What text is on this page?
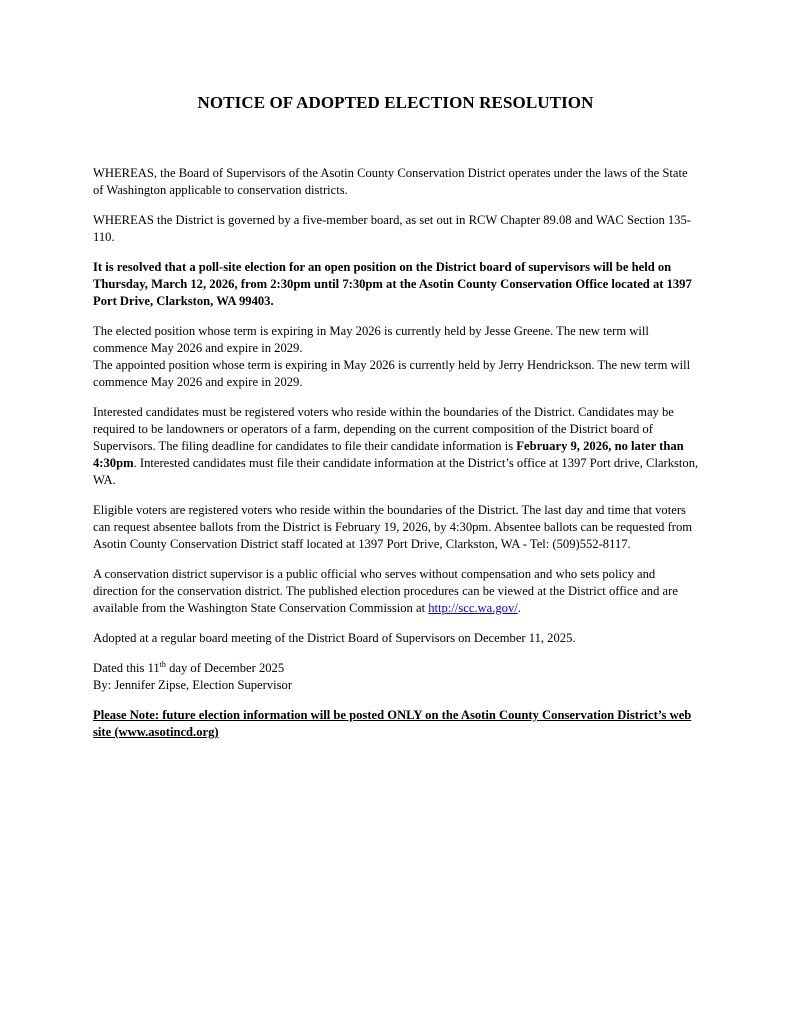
NOTICE OF ADOPTED ELECTION RESOLUTION

WHEREAS, the Board of Supervisors of the Asotin County Conservation District operates under the laws of the State of Washington applicable to conservation districts.

WHEREAS the District is governed by a five-member board, as set out in RCW Chapter 89.08 and WAC Section 135-110.

It is resolved that a poll-site election for an open position on the District board of supervisors will be held on Thursday, March 12, 2026, from 2:30pm until 7:30pm at the Asotin County Conservation Office located at 1397 Port Drive, Clarkston, WA 99403.

The elected position whose term is expiring in May 2026 is currently held by Jesse Greene. The new term will commence May 2026 and expire in 2029.
The appointed position whose term is expiring in May 2026 is currently held by Jerry Hendrickson. The new term will commence May 2026 and expire in 2029.

Interested candidates must be registered voters who reside within the boundaries of the District. Candidates may be required to be landowners or operators of a farm, depending on the current composition of the District board of Supervisors. The filing deadline for candidates to file their candidate information is February 9, 2026, no later than 4:30pm. Interested candidates must file their candidate information at the District’s office at 1397 Port drive, Clarkston, WA.

Eligible voters are registered voters who reside within the boundaries of the District. The last day and time that voters can request absentee ballots from the District is February 19, 2026, by 4:30pm. Absentee ballots can be requested from Asotin County Conservation District staff located at 1397 Port Drive, Clarkston, WA - Tel: (509)552-8117.

A conservation district supervisor is a public official who serves without compensation and who sets policy and direction for the conservation district. The published election procedures can be viewed at the District office and are available from the Washington State Conservation Commission at http://scc.wa.gov/.

Adopted at a regular board meeting of the District Board of Supervisors on December 11, 2025.

Dated this 11th day of December 2025
By: Jennifer Zipse, Election Supervisor

Please Note: future election information will be posted ONLY on the Asotin County Conservation District’s web site (www.asotincd.org)
